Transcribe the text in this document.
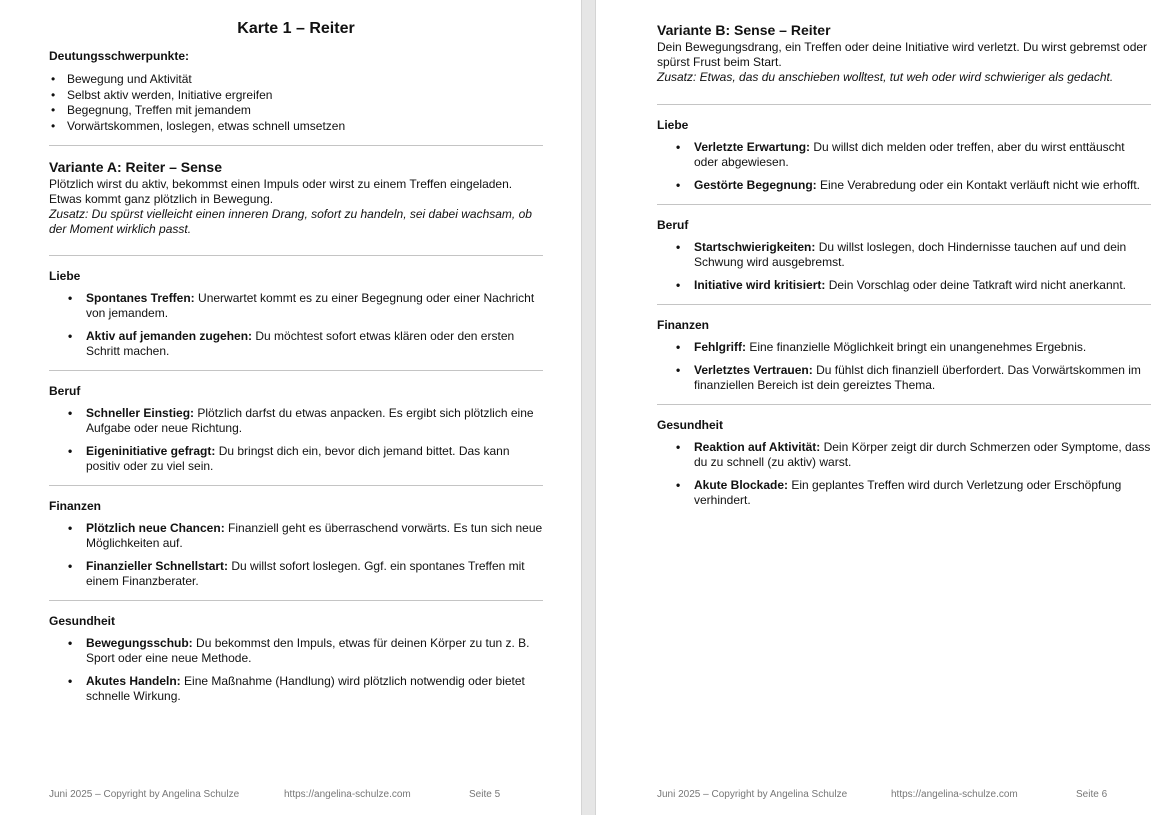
Karte 1 – Reiter
Deutungsschwerpunkte:
• Bewegung und Aktivität
• Selbst aktiv werden, Initiative ergreifen
• Begegnung, Treffen mit jemandem
• Vorwärtskommen, loslegen, etwas schnell umsetzen
Variante A: Reiter – Sense

Plötzlich wirst du aktiv, bekommst einen Impuls oder wirst zu einem Treffen eingeladen. Etwas kommt ganz plötzlich in Bewegung.

Zusatz: Du spürst vielleicht einen inneren Drang, sofort zu handeln, sei dabei wachsam, ob der Moment wirklich passt.

Liebe
• Spontanes Treffen: Unerwartet kommt es zu einer Begegnung oder einer Nachricht von jemandem.
• Aktiv auf jemanden zugehen: Du möchtest sofort etwas klären oder den ersten Schritt machen.
Beruf
• Schneller Einstieg: Plötzlich darfst du etwas anpacken. Es ergibt sich plötzlich eine Aufgabe oder neue Richtung.
• Eigeninitiative gefragt: Du bringst dich ein, bevor dich jemand bittet. Das kann positiv oder zu viel sein.
Finanzen
• Plötzlich neue Chancen: Finanziell geht es überraschend vorwärts. Es tun sich neue Möglichkeiten auf.
• Finanzieller Schnellstart: Du willst sofort loslegen. Ggf. ein spontanes Treffen mit einem Finanzberater.
Gesundheit
• Bewegungsschub: Du bekommst den Impuls, etwas für deinen Körper zu tun z. B. Sport oder eine neue Methode.
• Akutes Handeln: Eine Maßnahme (Handlung) wird plötzlich notwendig oder bietet schnelle Wirkung.
Juni 2025 – Copyright by Angelina Schulze	https://angelina-schulze.com	Seite 5
Variante B: Sense – Reiter

Dein Bewegungsdrang, ein Treffen oder deine Initiative wird verletzt. Du wirst gebremst oder spürst Frust beim Start.

Zusatz: Etwas, das du anschieben wolltest, tut weh oder wird schwieriger als gedacht.

Liebe
• Verletzte Erwartung: Du willst dich melden oder treffen, aber du wirst enttäuscht oder abgewiesen.
• Gestörte Begegnung: Eine Verabredung oder ein Kontakt verläuft nicht wie erhofft.
Beruf
• Startschwierigkeiten: Du willst loslegen, doch Hindernisse tauchen auf und dein Schwung wird ausgebremst.
• Initiative wird kritisiert: Dein Vorschlag oder deine Tatkraft wird nicht anerkannt.
Finanzen
• Fehlgriff: Eine finanzielle Möglichkeit bringt ein unangenehmes Ergebnis.
• Verletztes Vertrauen: Du fühlst dich finanziell überfordert. Das Vorwärtskommen im finanziellen Bereich ist dein gereiztes Thema.
Gesundheit
• Reaktion auf Aktivität: Dein Körper zeigt dir durch Schmerzen oder Symptome, dass du zu schnell (zu aktiv) warst.
• Akute Blockade: Ein geplantes Treffen wird durch Verletzung oder Erschöpfung verhindert.
Juni 2025 – Copyright by Angelina Schulze	https://angelina-schulze.com	Seite 6
